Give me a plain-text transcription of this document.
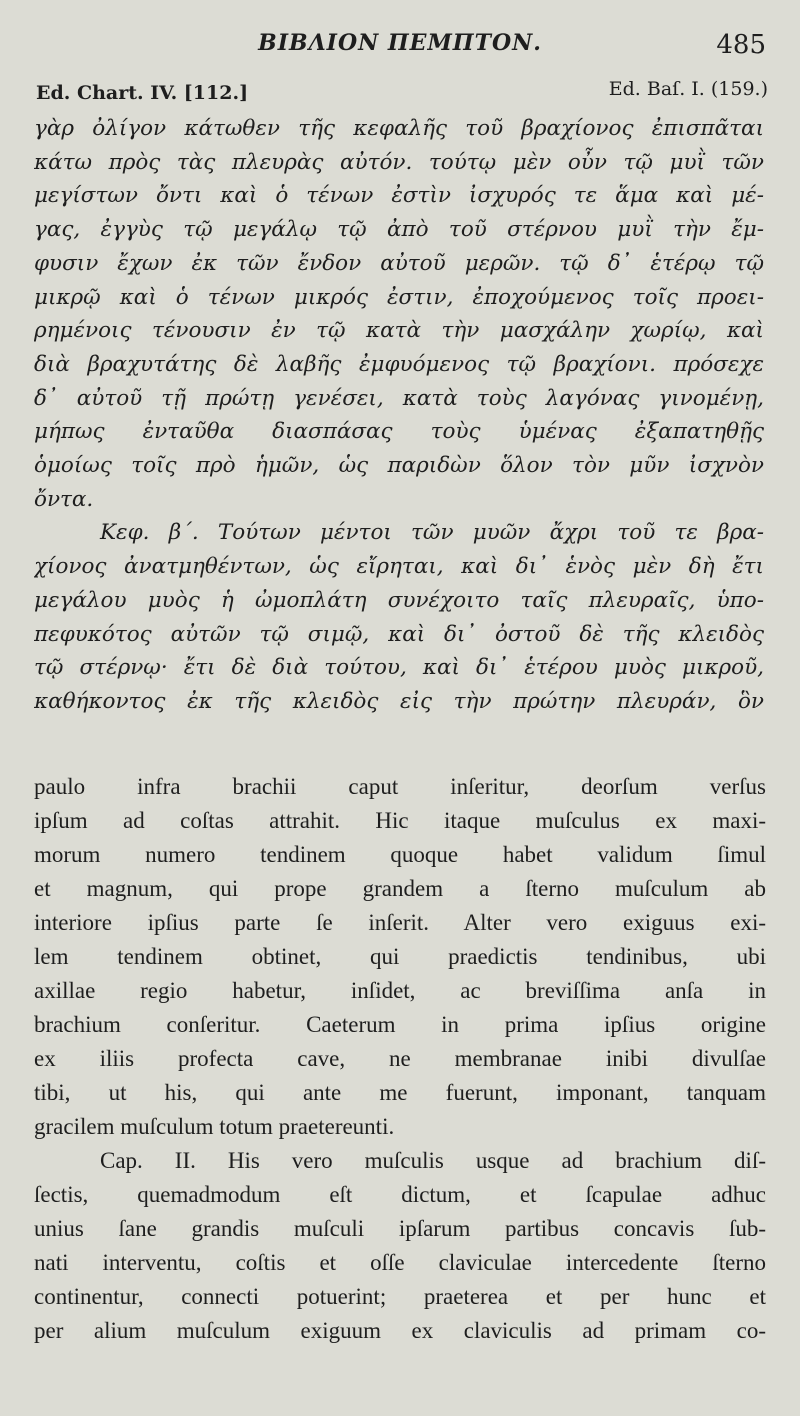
BIBΛΙΟΝ ΠΕΜΠΤΟΝ.	485
Ed. Chart. IV. [112.]	Ed. Baſ. I. (159.)
γὰρ ὀλίγον κάτωθεν τῆς κεφαλῆς τοῦ βραχίονος ἐπισπᾶται
κάτω πρὸς τὰς πλευρὰς αὐτόν. τούτῳ μὲν οὖν τῷ μυῒ τῶν
μεγίστων ὄντι καὶ ὁ τένων ἐστὶν ἰσχυρός τε ἅμα καὶ μέ-
γας, ἐγγὺς τῷ μεγάλῳ τῷ ἀπὸ τοῦ στέρνου μυῒ τὴν ἔμ-
φυσιν ἔχων ἐκ τῶν ἔνδον αὐτοῦ μερῶν. τῷ δ᾽ ἑτέρῳ τῷ
μικρῷ καὶ ὁ τένων μικρός ἐστιν, ἐποχούμενος τοῖς προει-
ρημένοις τένουσιν ἐν τῷ κατὰ τὴν μασχάλην χωρίῳ, καὶ
διὰ βραχυτάτης δὲ λαβῆς ἐμφυόμενος τῷ βραχίονι. πρόσεχε
δ᾽ αὐτοῦ τῇ πρώτῃ γενέσει, κατὰ τοὺς λαγόνας γινομένῃ,
μήπως ἐνταῦθα διασπάσας τοὺς ὑμένας ἐξαπατηθῇς
ὁμοίως τοῖς πρὸ ἡμῶν, ὡς παριδὼν ὅλον τὸν μῦν ἰσχνὸν
ὄντα.
Κεφ. β΄. Τούτων μέντοι τῶν μυῶν ἄχρι τοῦ τε βρα-
χίονος ἀνατμηθέντων, ὡς εἴρηται, καὶ δι᾽ ἑνὸς μὲν δὴ ἔτι
μεγάλου μυὸς ἡ ὠμοπλάτη συνέχοιτο ταῖς πλευραῖς, ὑπο-
πεφυκότος αὐτῶν τῷ σιμῷ, καὶ δι᾽ ὀστοῦ δὲ τῆς κλειδὸς
τῷ στέρνῳ· ἔτι δὲ διὰ τούτου, καὶ δι᾽ ἑτέρου μυὸς μικροῦ,
καθήκοντος ἐκ τῆς κλειδὸς εἰς τὴν πρώτην πλευράν, ὃν
paulo infra brachii caput inſeritur, deorſum verſus
ipſum ad coſtas attrahit. Hic itaque muſculus ex maxi-
morum numero tendinem quoque habet validum ſimul
et magnum, qui prope grandem a ſterno muſculum ab
interiore ipſius parte ſe inſerit. Alter vero exiguus exi-
lem tendinem obtinet, qui praedictis tendinibus, ubi
axillae regio habetur, inſidet, ac breviſſima anſa in
brachium conſeritur. Caeterum in prima ipſius origine
ex iliis profecta cave, ne membranae inibi divulſae
tibi, ut his, qui ante me fuerunt, imponant, tanquam
gracilem muſculum totum praetereunti.
Cap. II. His vero muſculis usque ad brachium diſ-
ſectis, quemadmodum eſt dictum, et ſcapulae adhuc
unius ſane grandis muſculi ipſarum partibus concavis ſub-
nati interventu, coſtis et oſſe claviculae intercedente ſterno
continentur, connecti potuerint; praeterea et per hunc et
per alium muſculum exiguum ex claviculis ad primam co-
